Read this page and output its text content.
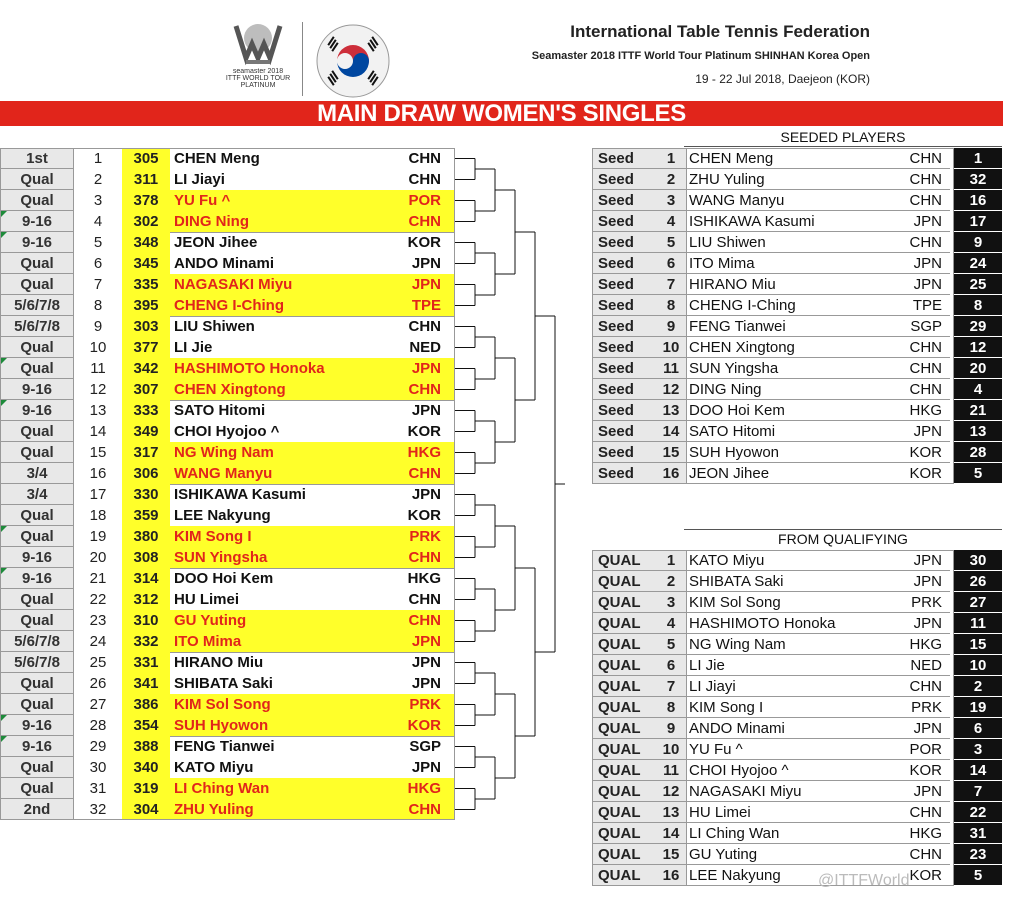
seamaster 2018
ITTF WORLD TOUR
PLATINUM
International Table Tennis Federation
Seamaster 2018 ITTF World Tour Platinum SHINHAN Korea Open
19 - 22 Jul 2018, Daejeon (KOR)
MAIN DRAW WOMEN'S SINGLES
1st	1	305	CHEN Meng	CHN
Qual	2	311	LI Jiayi	CHN
Qual	3	378	YU Fu ^	POR
9-16	4	302	DING Ning	CHN
9-16	5	348	JEON Jihee	KOR
Qual	6	345	ANDO Minami	JPN
Qual	7	335	NAGASAKI Miyu	JPN
5/6/7/8	8	395	CHENG I-Ching	TPE
5/6/7/8	9	303	LIU Shiwen	CHN
Qual	10	377	LI Jie	NED
Qual	11	342	HASHIMOTO Honoka	JPN
9-16	12	307	CHEN Xingtong	CHN
9-16	13	333	SATO Hitomi	JPN
Qual	14	349	CHOI Hyojoo ^	KOR
Qual	15	317	NG Wing Nam	HKG
3/4	16	306	WANG Manyu	CHN
3/4	17	330	ISHIKAWA Kasumi	JPN
Qual	18	359	LEE Nakyung	KOR
Qual	19	380	KIM Song I	PRK
9-16	20	308	SUN Yingsha	CHN
9-16	21	314	DOO Hoi Kem	HKG
Qual	22	312	HU Limei	CHN
Qual	23	310	GU Yuting	CHN
5/6/7/8	24	332	ITO Mima	JPN
5/6/7/8	25	331	HIRANO Miu	JPN
Qual	26	341	SHIBATA Saki	JPN
Qual	27	386	KIM Sol Song	PRK
9-16	28	354	SUH Hyowon	KOR
9-16	29	388	FENG Tianwei	SGP
Qual	30	340	KATO Miyu	JPN
Qual	31	319	LI Ching Wan	HKG
2nd	32	304	ZHU Yuling	CHN
SEEDED PLAYERS
Seed	1 CHEN Meng	CHN	1
Seed	2 ZHU Yuling	CHN	32
Seed	3 WANG Manyu	CHN	16
Seed	4 ISHIKAWA Kasumi	JPN	17
Seed	5 LIU Shiwen	CHN	9
Seed	6 ITO Mima	JPN	24
Seed	7 HIRANO Miu	JPN	25
Seed	8 CHENG I-Ching	TPE	8
Seed	9 FENG Tianwei	SGP	29
Seed	10 CHEN Xingtong	CHN	12
Seed	11 SUN Yingsha	CHN	20
Seed	12 DING Ning	CHN	4
Seed	13 DOO Hoi Kem	HKG	21
Seed	14 SATO Hitomi	JPN	13
Seed	15 SUH Hyowon	KOR	28
Seed	16 JEON Jihee	KOR	5
FROM QUALIFYING
QUAL	1 KATO Miyu	JPN	30
QUAL	2 SHIBATA Saki	JPN	26
QUAL	3 KIM Sol Song	PRK	27
QUAL	4 HASHIMOTO Honoka	JPN	11
QUAL	5 NG Wing Nam	HKG	15
QUAL	6 LI Jie	NED	10
QUAL	7 LI Jiayi	CHN	2
QUAL	8 KIM Song I	PRK	19
QUAL	9 ANDO Minami	JPN	6
QUAL	10 YU Fu ^	POR	3
QUAL	11 CHOI Hyojoo ^	KOR	14
QUAL	12 NAGASAKI Miyu	JPN	7
QUAL	13 HU Limei	CHN	22
QUAL	14 LI Ching Wan	HKG	31
QUAL	15 GU Yuting	CHN	23
QUAL	16 LEE Nakyung	KOR	5
@ITTFWorld
